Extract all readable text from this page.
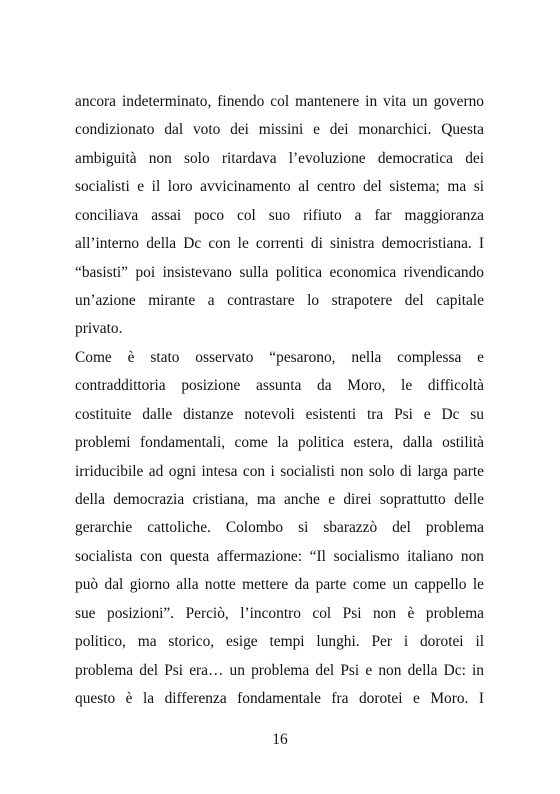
ancora indeterminato, finendo col mantenere in vita un governo
condizionato dal voto dei missini e dei monarchici. Questa
ambiguità non solo ritardava l’evoluzione democratica dei
socialisti e il loro avvicinamento al centro del sistema; ma si
conciliava assai poco col suo rifiuto a far maggioranza
all’interno della Dc con le correnti di sinistra democristiana. I
“basisti” poi insistevano sulla politica economica rivendicando
un’azione mirante a contrastare lo strapotere del capitale
privato.
Come è stato osservato “pesarono, nella complessa e
contraddittoria posizione assunta da Moro, le difficoltà
costituite dalle distanze notevoli esistenti tra Psi e Dc su
problemi fondamentali, come la politica estera, dalla ostilità
irriducibile ad ogni intesa con i socialisti non solo di larga parte
della democrazia cristiana, ma anche e direi soprattutto delle
gerarchie cattoliche. Colombo si sbarazzò del problema
socialista con questa affermazione: “Il socialismo italiano non
può dal giorno alla notte mettere da parte come un cappello le
sue posizioni”. Perciò, l’incontro col Psi non è problema
politico, ma storico, esige tempi lunghi. Per i dorotei il
problema del Psi era… un problema del Psi e non della Dc: in
questo è la differenza fondamentale fra dorotei e Moro. I
16
